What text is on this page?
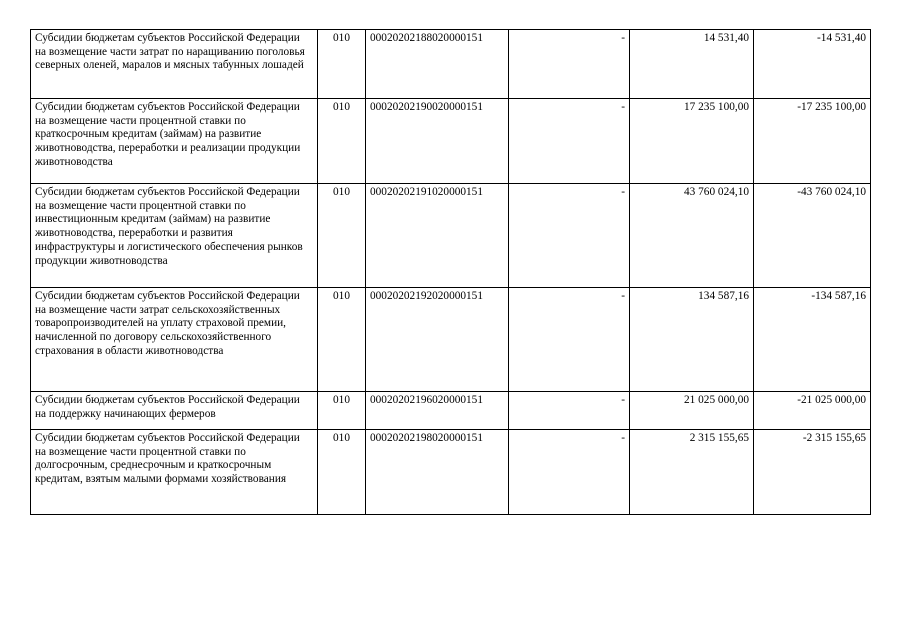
Субсидии бюджетам субъектов Российской Федерации на возмещение части затрат по наращиванию поголовья северных оленей, маралов и мясных табунных лошадей	010	00020202188020000151	-	14 531,40	-14 531,40
Субсидии бюджетам субъектов Российской Федерации на возмещение части процентной ставки по краткосрочным кредитам (займам) на развитие животноводства, переработки и реализации продукции животноводства	010	00020202190020000151	-	17 235 100,00	-17 235 100,00
Субсидии бюджетам субъектов Российской Федерации на возмещение части процентной ставки по инвестиционным кредитам (займам) на развитие животноводства, переработки и развития инфраструктуры и логистического обеспечения рынков продукции животноводства	010	00020202191020000151	-	43 760 024,10	-43 760 024,10
Субсидии бюджетам субъектов Российской Федерации на возмещение части затрат сельскохозяйственных товаропроизводителей на уплату страховой премии, начисленной по договору сельскохозяйственного страхования в области животноводства	010	00020202192020000151	-	134 587,16	-134 587,16
Субсидии бюджетам субъектов Российской Федерации на поддержку начинающих фермеров	010	00020202196020000151	-	21 025 000,00	-21 025 000,00
Субсидии бюджетам субъектов Российской Федерации на возмещение части процентной ставки по долгосрочным, среднесрочным и краткосрочным кредитам, взятым малыми формами хозяйствования	010	00020202198020000151	-	2 315 155,65	-2 315 155,65
